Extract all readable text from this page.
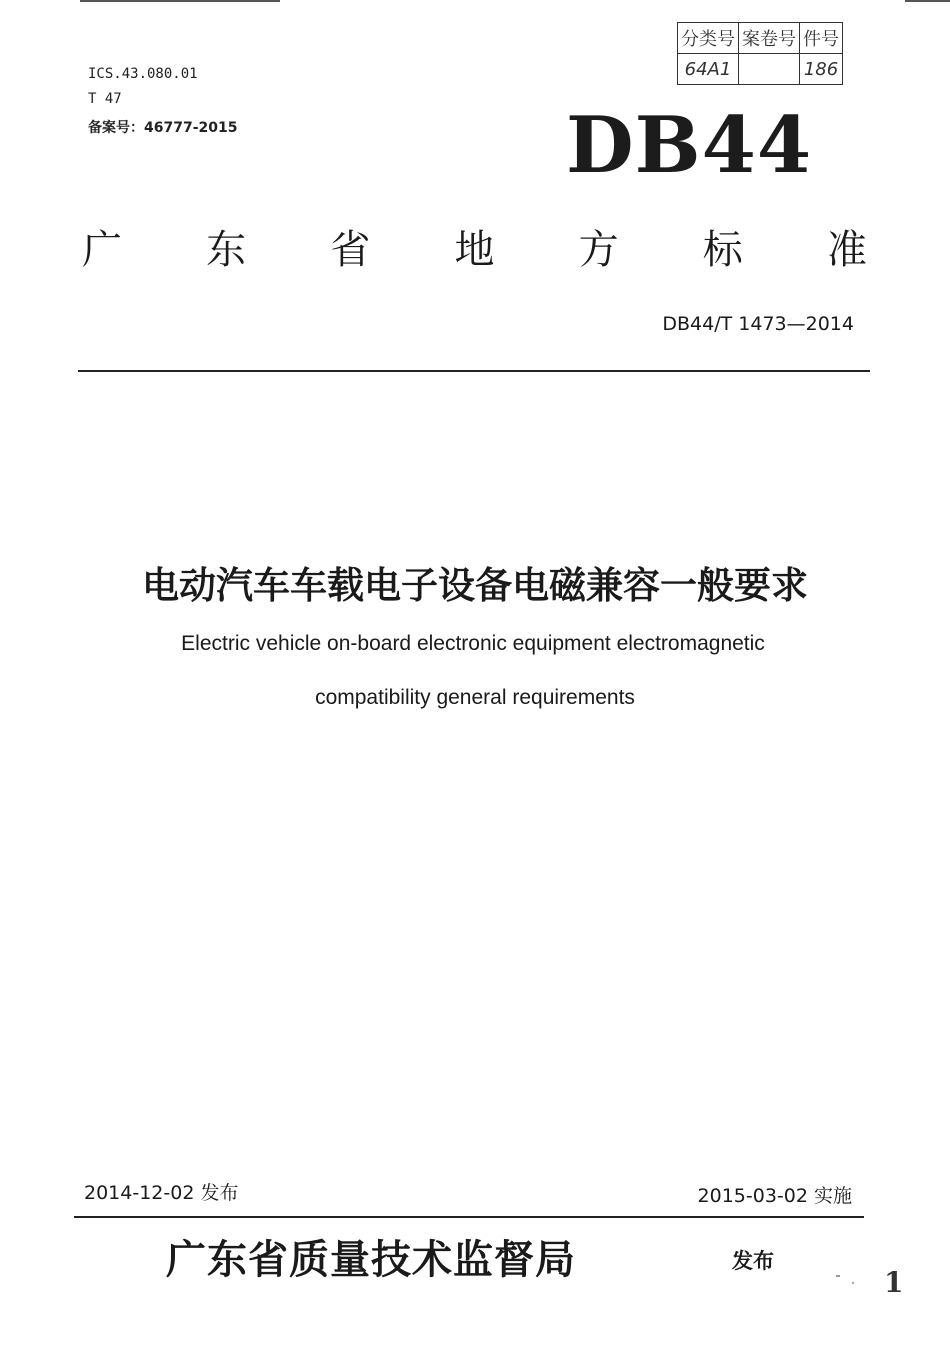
ICS.43.080.01
T 47
备案号：46777-2015
分类号	案卷号	件号
64A1		186
DB44
广 东 省 地 方 标 准
DB44/T 1473—2014
电动汽车车载电子设备电磁兼容一般要求
Electric vehicle on-board electronic equipment electromagnetic
compatibility general requirements
2014-12-02 发布	2015-03-02 实施
广东省质量技术监督局	发布
1
